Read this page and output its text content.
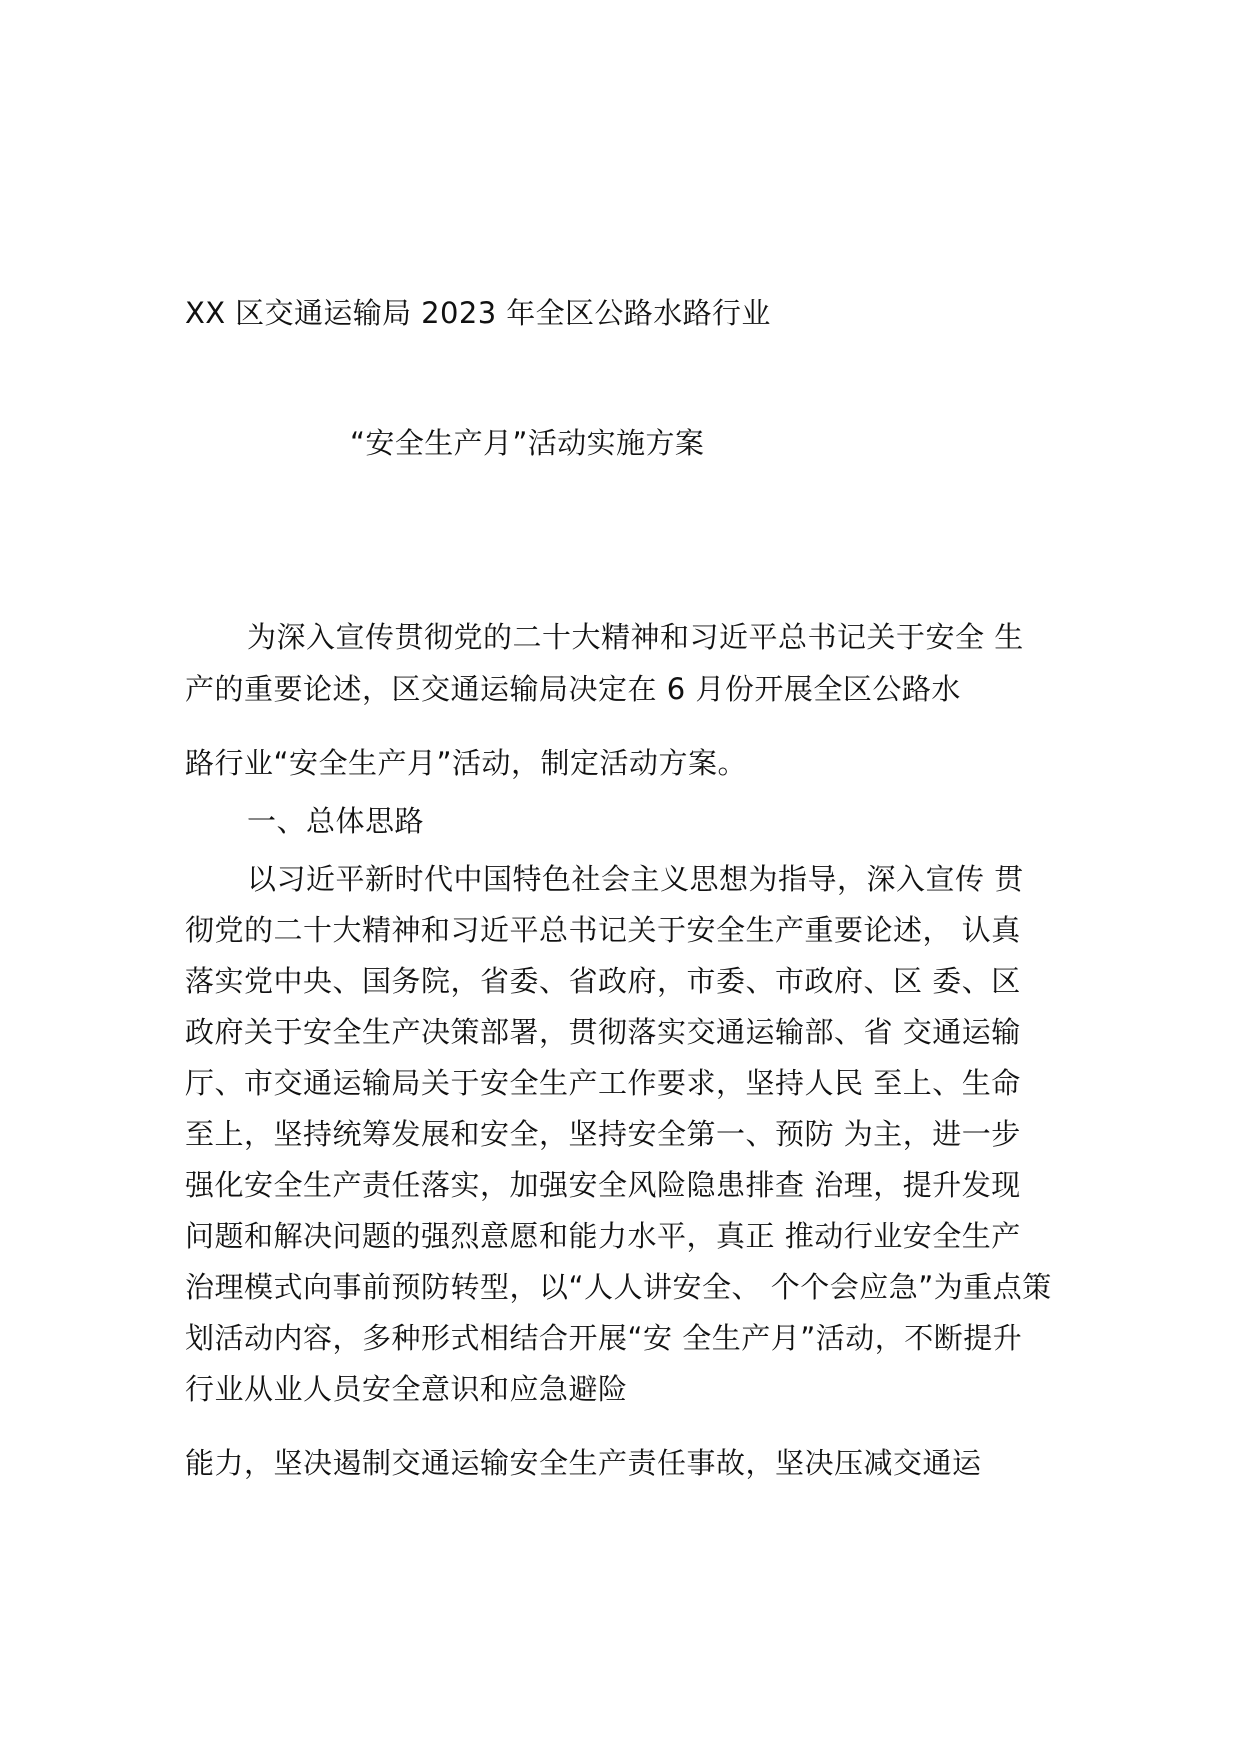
XX 区交通运输局 2023 年全区公路水路行业
“安全生产月”活动实施方案
为深入宣传贯彻党的二十大精神和习近平总书记关于安全 生
产的重要论述，区交通运输局决定在 6 月份开展全区公路水
路行业“安全生产月”活动，制定活动方案。
一、总体思路
以习近平新时代中国特色社会主义思想为指导，深入宣传 贯
彻党的二十大精神和习近平总书记关于安全生产重要论述， 认真
落实党中央、国务院，省委、省政府，市委、市政府、区 委、区
政府关于安全生产决策部署，贯彻落实交通运输部、省 交通运输
厅、市交通运输局关于安全生产工作要求，坚持人民 至上、生命
至上，坚持统筹发展和安全，坚持安全第一、预防 为主，进一步
强化安全生产责任落实，加强安全风险隐患排查 治理，提升发现
问题和解决问题的强烈意愿和能力水平，真正 推动行业安全生产
治理模式向事前预防转型，以“人人讲安全、 个个会应急”为重点策
划活动内容，多种形式相结合开展“安 全生产月”活动，不断提升
行业从业人员安全意识和应急避险
能力，坚决遏制交通运输安全生产责任事故，坚决压减交通运
